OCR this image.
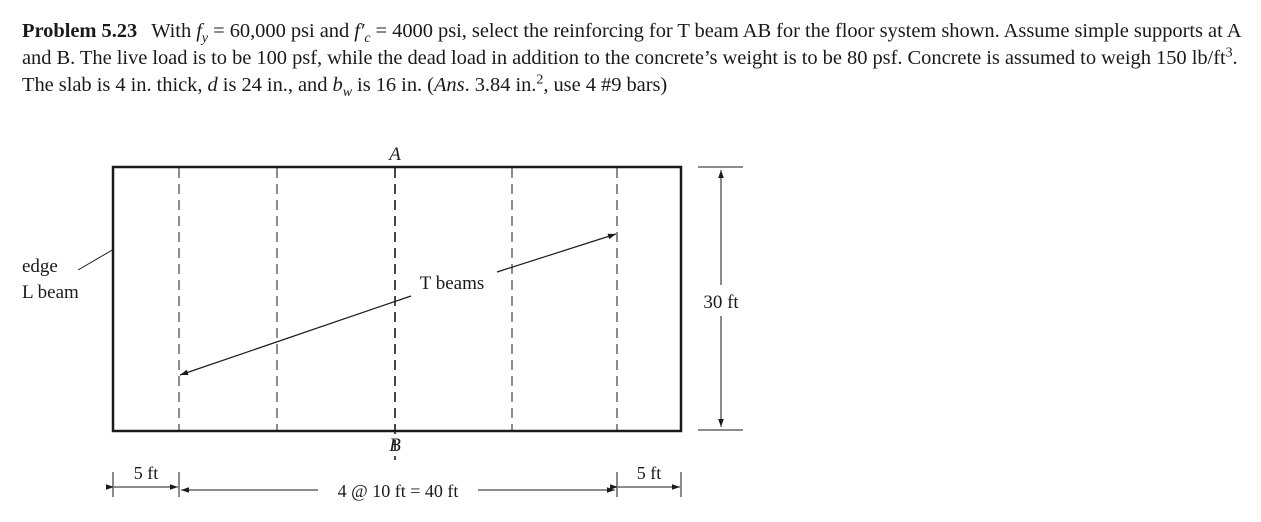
Problem 5.23 With $f_y = 60,000$ psi and $f'_c = 4000$ psi, select the reinforcing for T beam AB for the floor system shown. Assume simple supports at A and B. The live load is to be 100 psf, while the dead load in addition to the concrete’s weight is to be 80 psf. Concrete is assumed to weigh 150 $lb/ft^3$. The slab is 4 in. thick, d is 24 in., and $b_w$ is 16 in. (Ans. 3.84 in.$^2$, use 4 #9 bars)
A
B
edge
L beam	T beams
30 ft
5 ft
4 @ 10 ft = 40 ft
5 ft
